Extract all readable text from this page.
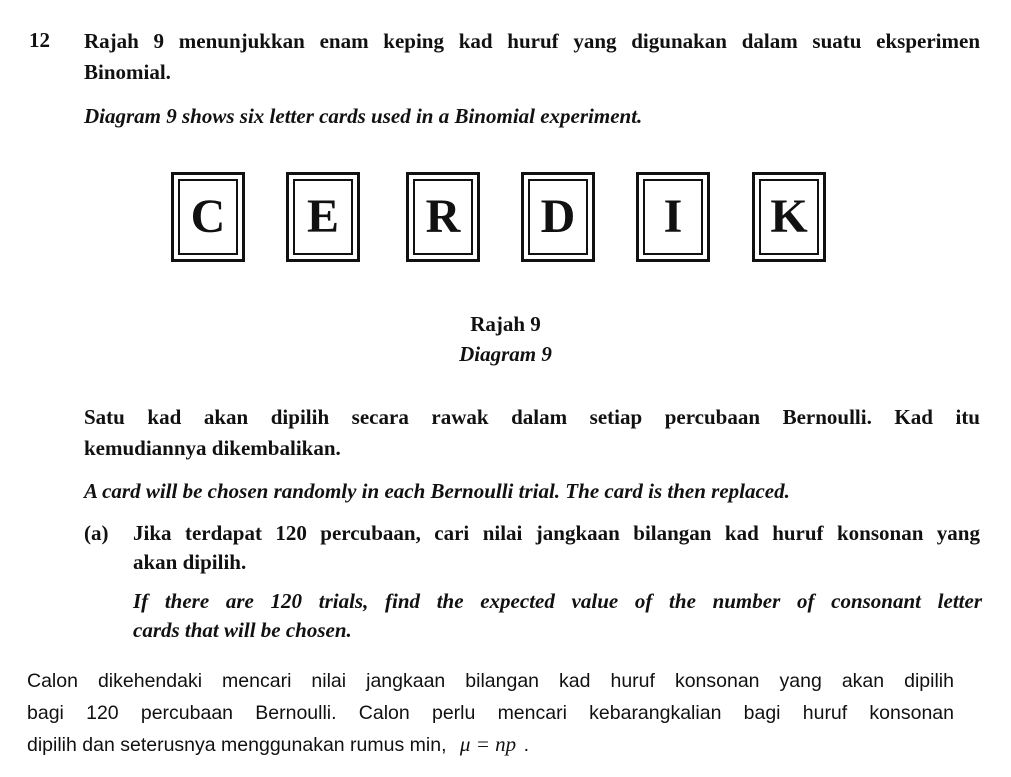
12 Rajah 9 menunjukkan enam keping kad huruf yang digunakan dalam suatu eksperimen
Binomial.
Diagram 9 shows six letter cards used in a Binomial experiment.
C E R D	I	K
Rajah 9
Diagram 9
Satu kad akan dipilih secara rawak dalam setiap percubaan Bernoulli. Kad itu
kemudiannya dikembalikan.
A card will be chosen randomly in each Bernoulli trial. The card is then replaced.
(a) Jika terdapat 120 percubaan, cari nilai jangkaan bilangan kad huruf konsonan yang
akan dipilih.
If there are 120 trials, find the expected value of the number of consonant letter
cards that will be chosen.
Calon dikehendaki mencari nilai jangkaan bilangan kad huruf konsonan yang akan dipilih
bagi 120 percubaan Bernoulli. Calon perlu mencari kebarangkalian bagi huruf konsonan
dipilih dan seterusnya menggunakan rumus min, μ = np .
